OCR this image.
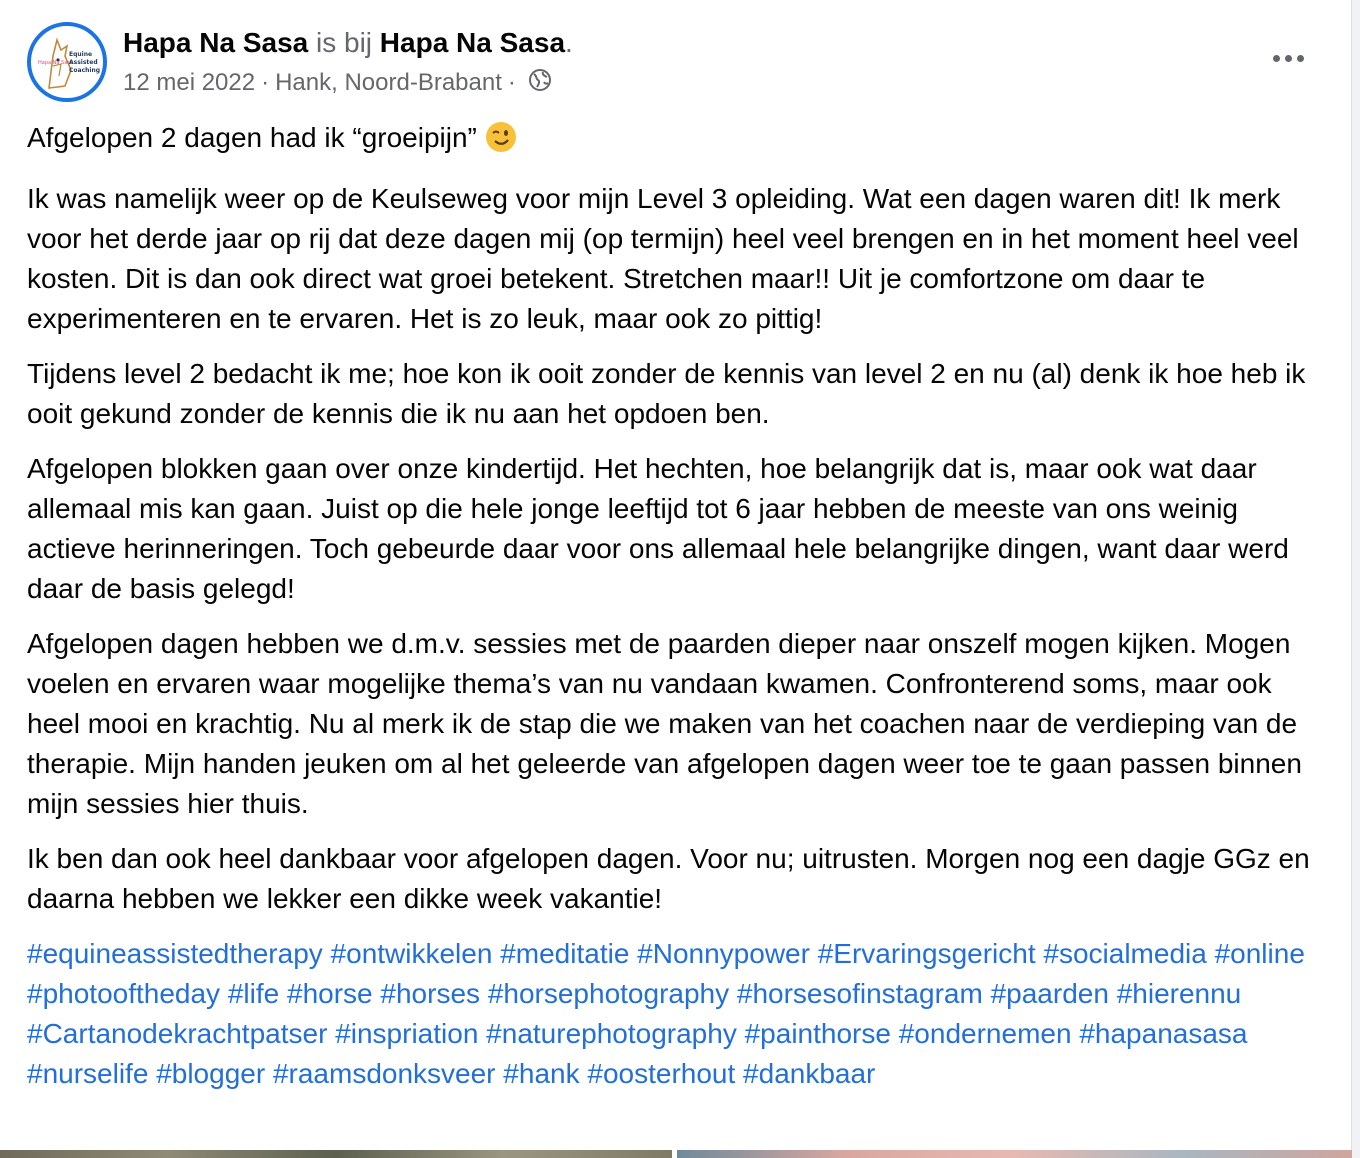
Hapa Na Sasa
Equine
Assisted
Coaching
Hapa Na Sasa is bij Hapa Na Sasa.
12 mei 2022 · Hank, Noord-Brabant ·

Afgelopen 2 dagen had ik “groeipijn”

Ik was namelijk weer op de Keulseweg voor mijn Level 3 opleiding. Wat een dagen waren dit! Ik merk voor het derde jaar op rij dat deze dagen mij (op termijn) heel veel brengen en in het moment heel veel kosten. Dit is dan ook direct wat groei betekent. Stretchen maar!! Uit je comfortzone om daar te experimenteren en te ervaren. Het is zo leuk, maar ook zo pittig!

Tijdens level 2 bedacht ik me; hoe kon ik ooit zonder de kennis van level 2 en nu (al) denk ik hoe heb ik ooit gekund zonder de kennis die ik nu aan het opdoen ben.

Afgelopen blokken gaan over onze kindertijd. Het hechten, hoe belangrijk dat is, maar ook wat daar allemaal mis kan gaan. Juist op die hele jonge leeftijd tot 6 jaar hebben de meeste van ons weinig actieve herinneringen. Toch gebeurde daar voor ons allemaal hele belangrijke dingen, want daar werd daar de basis gelegd!

Afgelopen dagen hebben we d.m.v. sessies met de paarden dieper naar onszelf mogen kijken. Mogen voelen en ervaren waar mogelijke thema’s van nu vandaan kwamen. Confronterend soms, maar ook heel mooi en krachtig. Nu al merk ik de stap die we maken van het coachen naar de verdieping van de therapie. Mijn handen jeuken om al het geleerde van afgelopen dagen weer toe te gaan passen binnen mijn sessies hier thuis.

Ik ben dan ook heel dankbaar voor afgelopen dagen. Voor nu; uitrusten. Morgen nog een dagje GGz en daarna hebben we lekker een dikke week vakantie!

#equineassistedtherapy #ontwikkelen #meditatie #Nonnypower #Ervaringsgericht #socialmedia #online #photooftheday #life #horse #horses #horsephotography #horsesofinstagram #paarden #hierennu #Cartanodekrachtpatser #inspriation #naturephotography #painthorse #ondernemen #hapanasasa #nurselife #blogger #raamsdonksveer #hank #oosterhout #dankbaar
